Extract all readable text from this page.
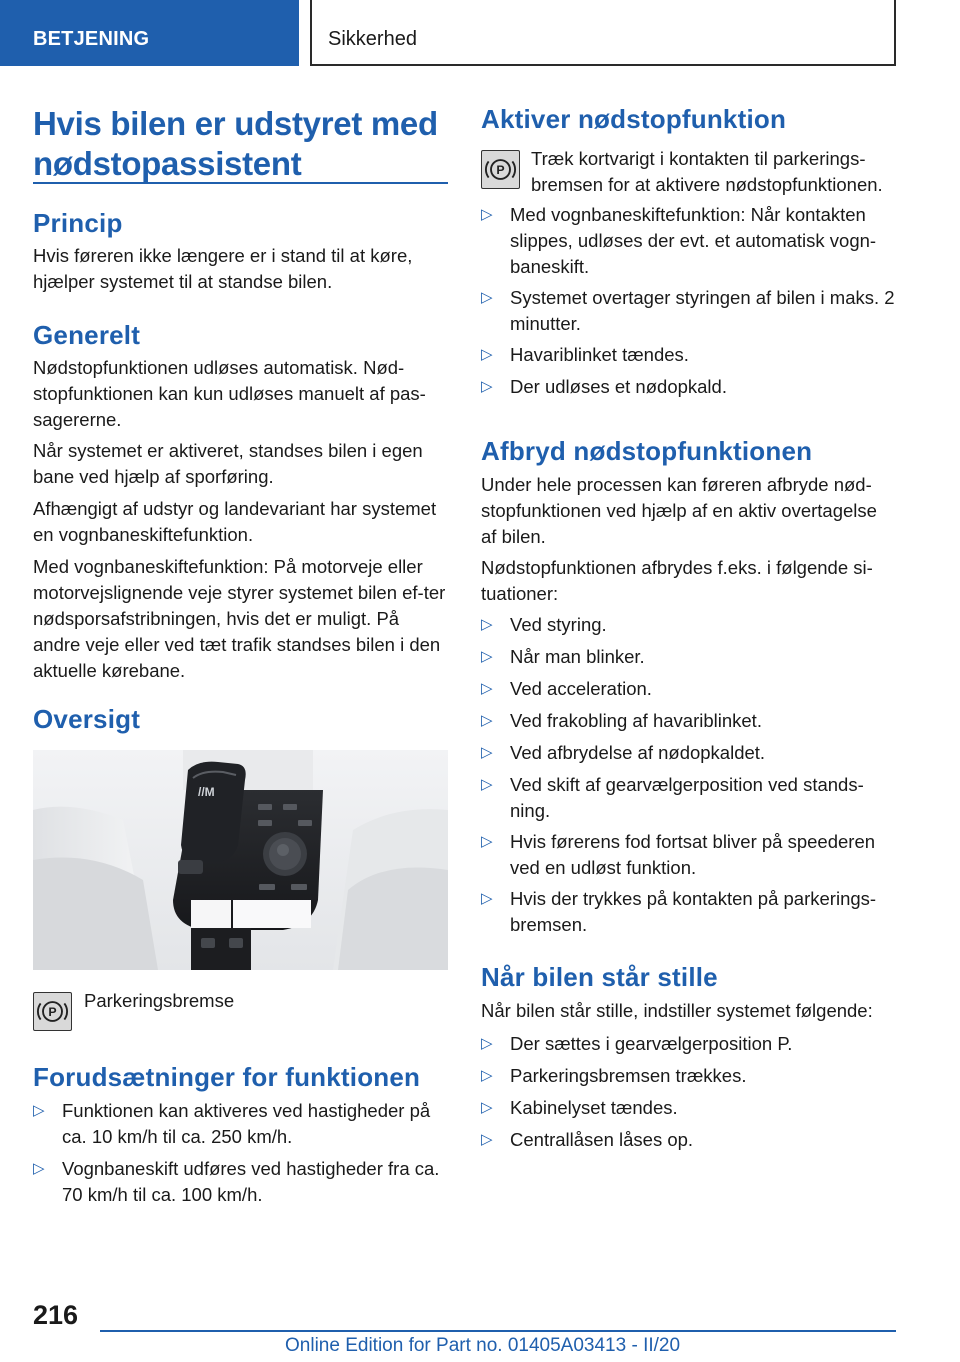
BETJENING	Sikkerhed
Hvis bilen er udstyret med nødstopassistent
Princip

Hvis føreren ikke længere er i stand til at køre, hjælper systemet til at standse bilen.

Generelt

Nødstopfunktionen udløses automatisk. Nød-stopfunktionen kan kun udløses manuelt af pas-sagererne.

Når systemet er aktiveret, standses bilen i egen bane ved hjælp af sporføring.

Afhængigt af udstyr og landevariant har systemet en vognbaneskiftefunktion.

Med vognbaneskiftefunktion: På motorveje eller motorvejslignende veje styrer systemet bilen ef-ter nødsporsafstribningen, hvis det er muligt. På andre veje eller ved tæt trafik standses bilen i den aktuelle kørebane.

Oversigt
//M
P

Parkeringsbremse

Forudsætninger for funktionen
▷ Funktionen kan aktiveres ved hastigheder på ca. 10 km/h til ca. 250 km/h.
▷ Vognbaneskift udføres ved hastigheder fra ca. 70 km/h til ca. 100 km/h.
Aktiver nødstopfunktion
P

Træk kortvarigt i kontakten til parkerings-bremsen for at aktivere nødstopfunktionen.

▷ Med vognbaneskiftefunktion: Når kontakten slippes, udløses der evt. et automatisk vogn-baneskift.
▷ Systemet overtager styringen af bilen i maks. 2 minutter.
▷ Havariblinket tændes.
▷ Der udløses et nødopkald.
Afbryd nødstopfunktionen

Under hele processen kan føreren afbryde nød-stopfunktionen ved hjælp af en aktiv overtagelse af bilen.

Nødstopfunktionen afbrydes f.eks. i følgende si-tuationer:

▷ Ved styring.
▷ Når man blinker.
▷ Ved acceleration.
▷ Ved frakobling af havariblinket.
▷ Ved afbrydelse af nødopkaldet.
▷ Ved skift af gearvælgerposition ved stands-ning.
▷ Hvis førerens fod fortsat bliver på speederen ved en udløst funktion.
▷ Hvis der trykkes på kontakten på parkerings-bremsen.
Når bilen står stille

Når bilen står stille, indstiller systemet følgende:

▷ Der sættes i gearvælgerposition P.
▷ Parkeringsbremsen trækkes.
▷ Kabinelyset tændes.
▷ Centrallåsen låses op.
216
Online Edition for Part no. 01405A03413 - II/20
